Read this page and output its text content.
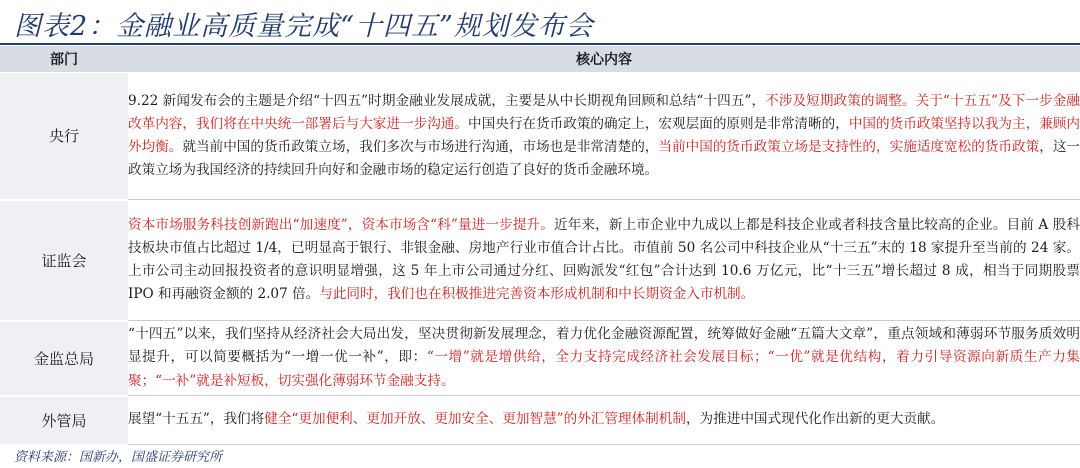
图表2：金融业高质量完成“十四五”规划发布会
部门	核心内容
央行	9.22 新闻发布会的主题是介绍“十四五”时期金融业发展成就，主要是从中长期视角回顾和总结“十四五”，不涉及短期政策的调整。关于“十五五”及下一步金融改革内容，我们将在中央统一部署后与大家进一步沟通。中国央行在货币政策的确定上，宏观层面的原则是非常清晰的，中国的货币政策坚持以我为主，兼顾内外均衡。就当前中国的货币政策立场，我们多次与市场进行沟通，市场也是非常清楚的，当前中国的货币政策立场是支持性的，实施适度宽松的货币政策，这一政策立场为我国经济的持续回升向好和金融市场的稳定运行创造了良好的货币金融环境。
证监会	资本市场服务科技创新跑出“加速度”，资本市场含“科”量进一步提升。近年来，新上市企业中九成以上都是科技企业或者科技含量比较高的企业。目前 A 股科技板块市值占比超过 1/4，已明显高于银行、非银金融、房地产行业市值合计占比。市值前 50 名公司中科技企业从“十三五”末的 18 家提升至当前的 24 家。上市公司主动回报投资者的意识明显增强，这 5 年上市公司通过分红、回购派发“红包”合计达到 10.6 万亿元，比“十三五”增长超过 8 成，相当于同期股票 IPO 和再融资金额的 2.07 倍。与此同时，我们也在积极推进完善资本形成机制和中长期资金入市机制。
金监总局	“十四五”以来，我们坚持从经济社会大局出发，坚决贯彻新发展理念，着力优化金融资源配置，统筹做好金融“五篇大文章”，重点领域和薄弱环节服务质效明显提升，可以简要概括为“一增一优一补”，即：“一增”就是增供给，全力支持完成经济社会发展目标；“一优”就是优结构，着力引导资源向新质生产力集聚；“一补”就是补短板，切实强化薄弱环节金融支持。
外管局	展望“十五五”，我们将健全“更加便利、更加开放、更加安全、更加智慧”的外汇管理体制机制，为推进中国式现代化作出新的更大贡献。
资料来源：国新办，国盛证券研究所
